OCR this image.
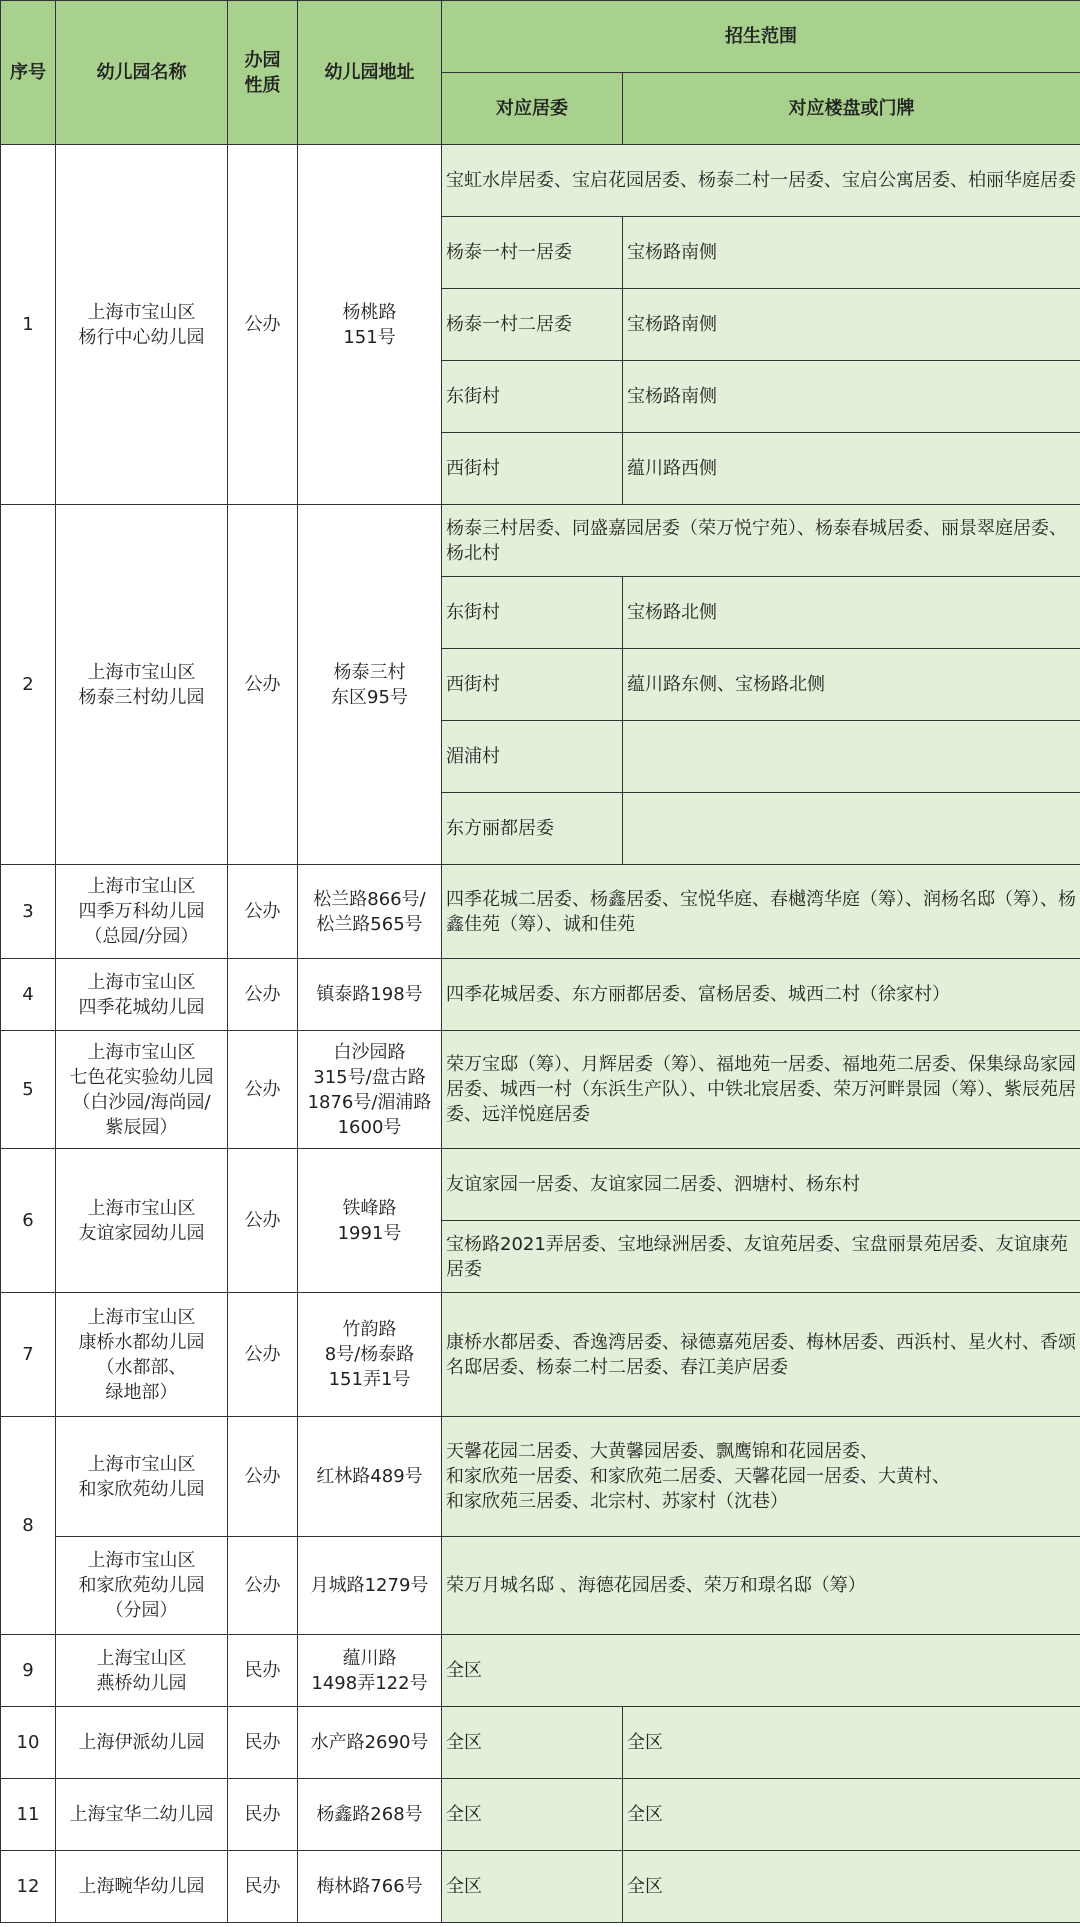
序号	幼儿园名称	办园
性质	幼儿园地址	招生范围	
				对应居委	对应楼盘或门牌
1	上海市宝山区
杨行中心幼儿园	公办	杨桃路
151号	宝虹水岸居委、宝启花园居委、杨泰二村一居委、宝启公寓居委、柏丽华庭居委	
				杨泰一村一居委	宝杨路南侧
				杨泰一村二居委	宝杨路南侧
				东街村	宝杨路南侧
				西街村	蕴川路西侧
2	上海市宝山区
杨泰三村幼儿园	公办	杨泰三村
东区95号	杨泰三村居委、同盛嘉园居委（荣万悦宁苑）、杨泰春城居委、丽景翠庭居委、杨北村	
				东街村	宝杨路北侧
				西街村	蕴川路东侧、宝杨路北侧
				湄浦村	
				东方丽都居委	
3	上海市宝山区
四季万科幼儿园
（总园/分园）	公办	松兰路866号/
松兰路565号	四季花城二居委、杨鑫居委、宝悦华庭、春樾湾华庭（筹）、润杨名邸（筹）、杨鑫佳苑（筹）、诚和佳苑	
4	上海市宝山区
四季花城幼儿园	公办	镇泰路198号	四季花城居委、东方丽都居委、富杨居委、城西二村（徐家村）	
5	上海市宝山区
七色花实验幼儿园
（白沙园/海尚园/
紫辰园）	公办	白沙园路
315号/盘古路
1876号/湄浦路
1600号	荣万宝邸（筹）、月辉居委（筹）、福地苑一居委、福地苑二居委、保集绿岛家园居委、城西一村（东浜生产队）、中铁北宸居委、荣万河畔景园（筹）、紫辰苑居委、远洋悦庭居委	
6	上海市宝山区
友谊家园幼儿园	公办	铁峰路
1991号	友谊家园一居委、友谊家园二居委、泗塘村、杨东村	
				宝杨路2021弄居委、宝地绿洲居委、友谊苑居委、宝盘丽景苑居委、友谊康苑居委	
7	上海市宝山区
康桥水都幼儿园
（水都部、
绿地部）	公办	竹韵路
8号/杨泰路
151弄1号	康桥水都居委、香逸湾居委、禄德嘉苑居委、梅林居委、西浜村、星火村、香颂名邸居委、杨泰二村二居委、春江美庐居委	
8	上海市宝山区
和家欣苑幼儿园	公办	红林路489号	天馨花园二居委、大黄馨园居委、飘鹰锦和花园居委、
和家欣苑一居委、和家欣苑二居委、天馨花园一居委、大黄村、
和家欣苑三居委、北宗村、苏家村（沈巷）	
	上海市宝山区
和家欣苑幼儿园
（分园）	公办	月城路1279号	荣万月城名邸 、海德花园居委、荣万和璟名邸（筹）	
9	上海宝山区
燕桥幼儿园	民办	蕴川路
1498弄122号	全区	
10	上海伊派幼儿园	民办	水产路2690号	全区	全区
11	上海宝华二幼儿园	民办	杨鑫路268号	全区	全区
12	上海畹华幼儿园	民办	梅林路766号	全区	全区
